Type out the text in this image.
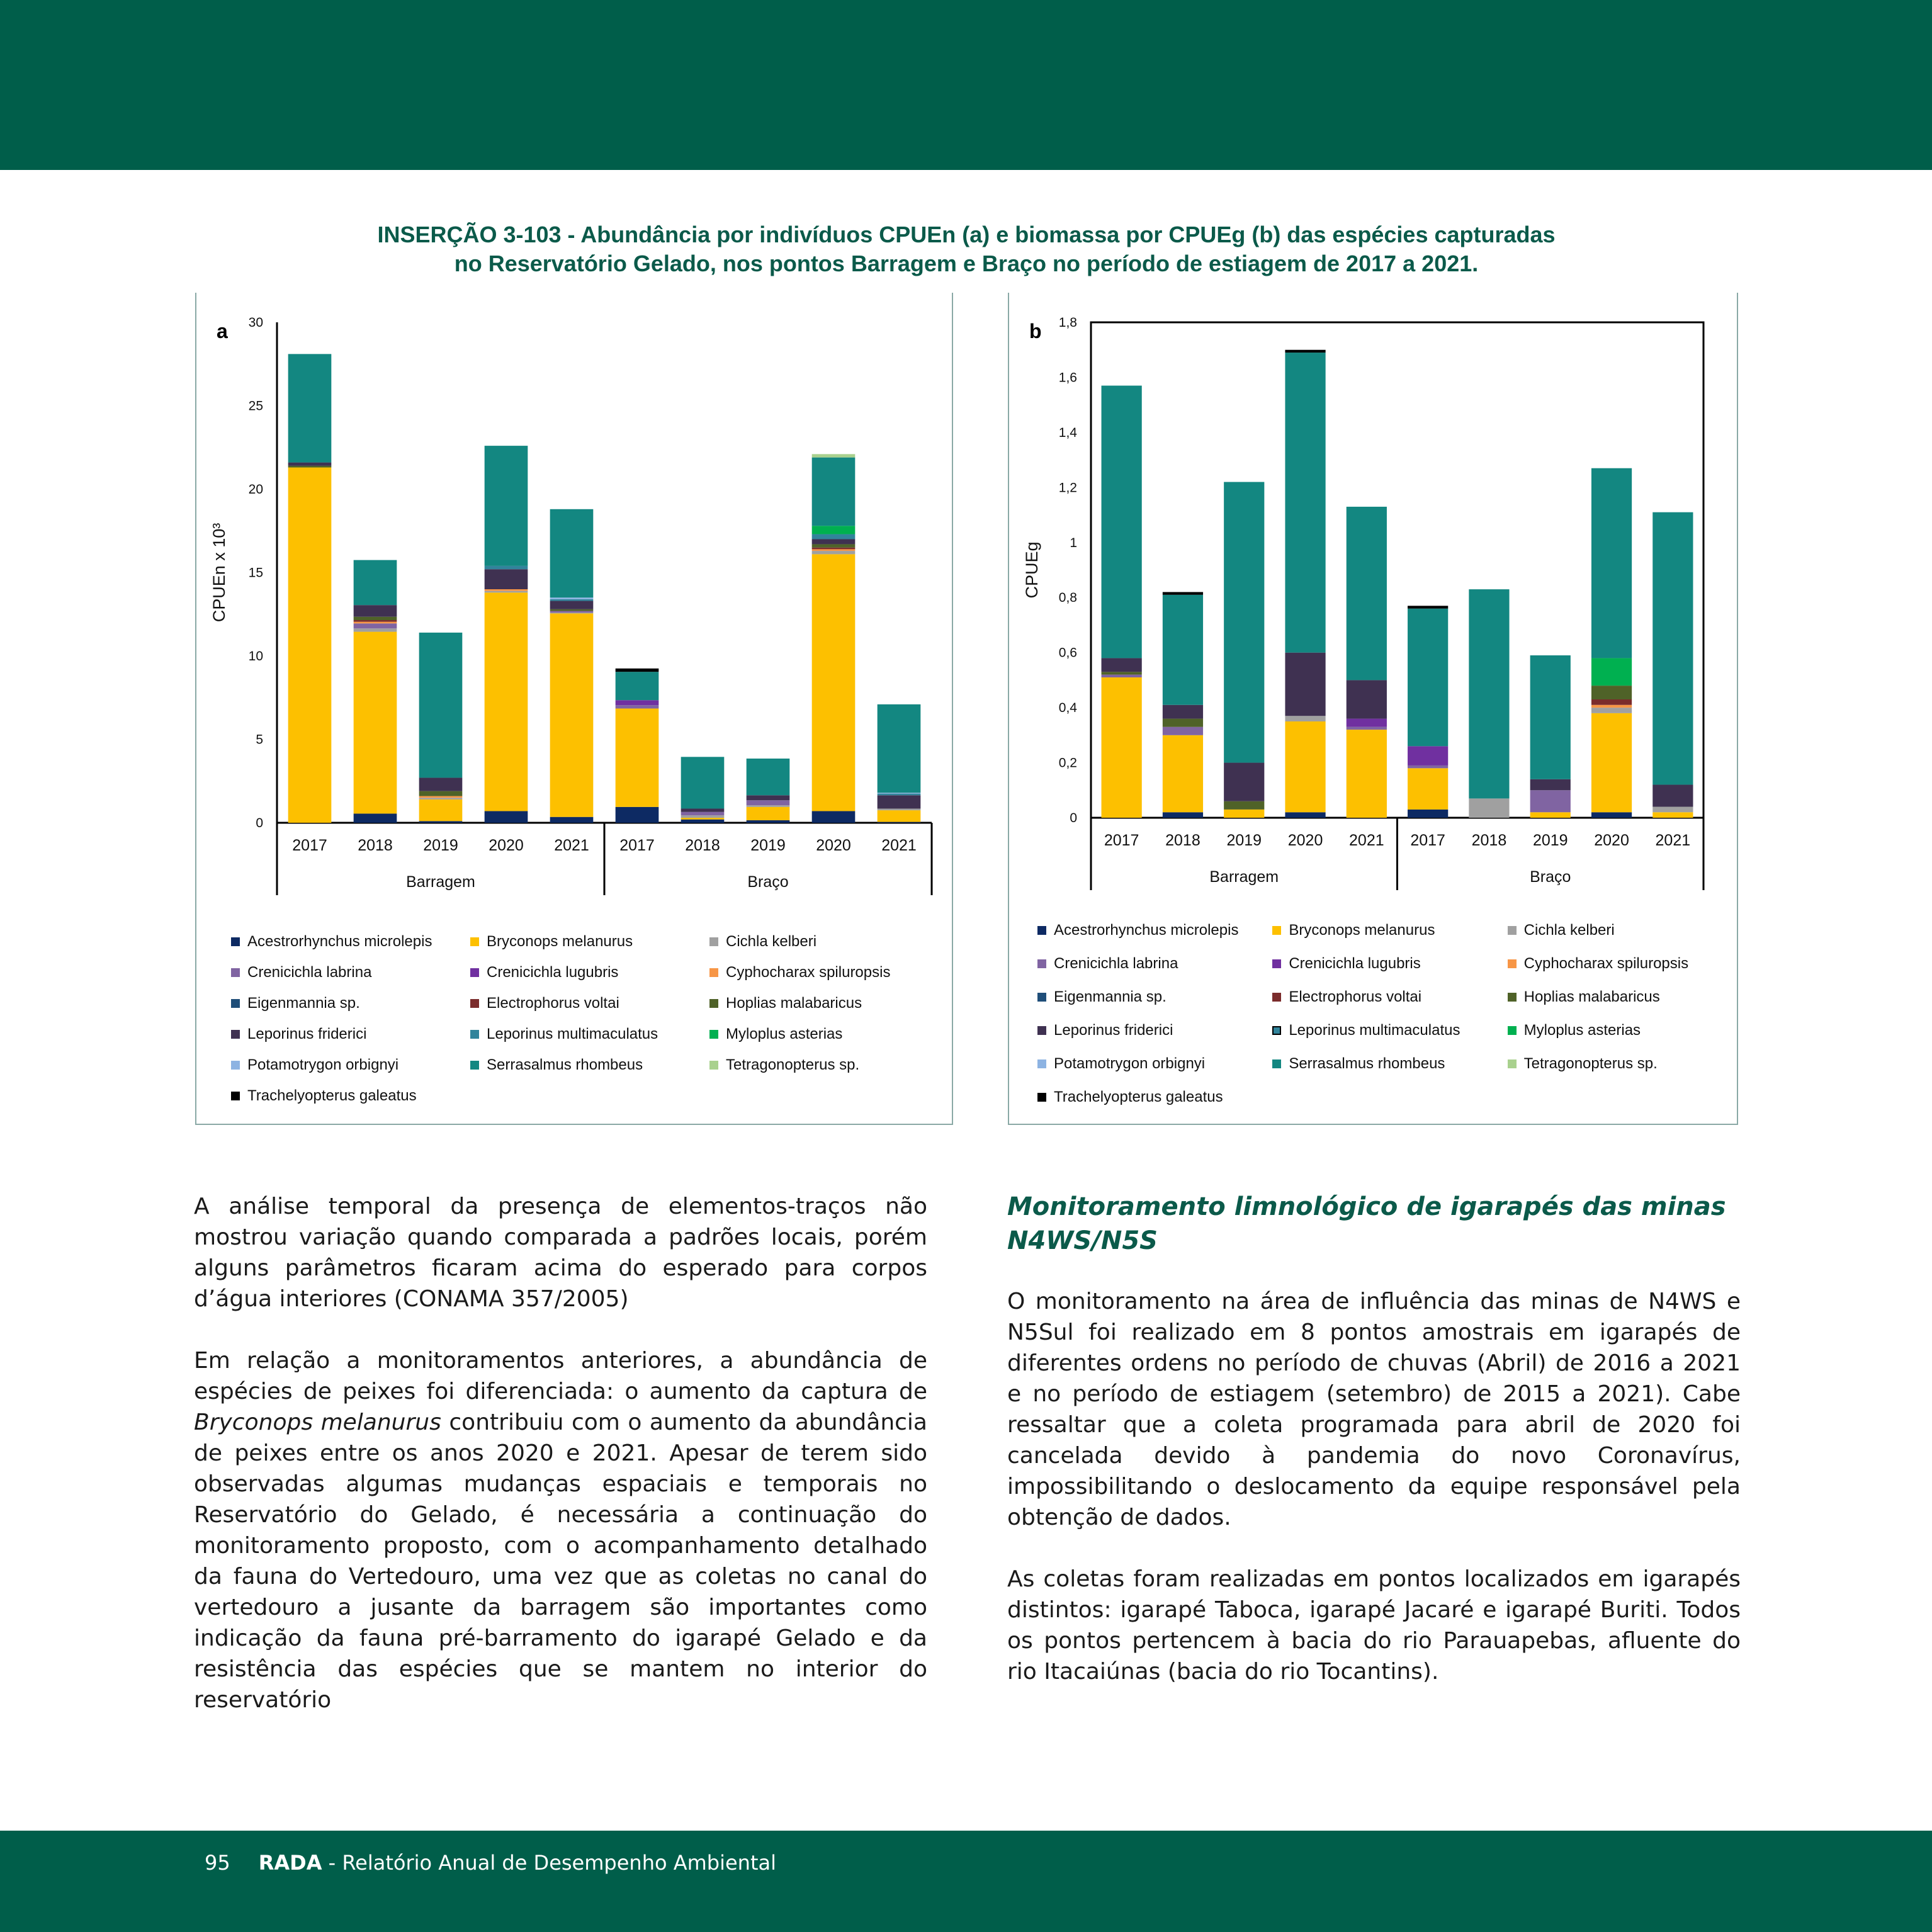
INSERÇÃO 3-103 - Abundância por indivíduos CPUEn (a) e biomassa por CPUEg (b) das espécies capturadas
no Reservatório Gelado, nos pontos Barragem e Braço no período de estiagem de 2017 a 2021.
0
5
10
15
20
25
30
2017 2018 2019 2020 2021 2017 2018 2019 2020 2021
Barragem	Braço
a
CPUEn x 10³
Acestrorhynchus microlepis	Bryconops melanurus	Cichla kelberi
Crenicichla labrina	Crenicichla lugubris	Cyphocharax spiluropsis
Eigenmannia sp.	Electrophorus voltai	Hoplias malabaricus
Leporinus friderici	Leporinus multimaculatus	Myloplus asterias
Potamotrygon orbignyi	Serrasalmus rhombeus	Tetragonopterus sp.
Trachelyopterus galeatus
0
0,2
0,4
0,6
0,8
1
1,2
1,4
1,6
1,8
2017 2018 2019 2020 2021 2017 2018 2019 2020 2021
Barragem	Braço
b
CPUEg
Acestrorhynchus microlepis	Bryconops melanurus	Cichla kelberi
Crenicichla labrina	Crenicichla lugubris	Cyphocharax spiluropsis
Eigenmannia sp.	Electrophorus voltai	Hoplias malabaricus
Leporinus friderici	Leporinus multimaculatus	Myloplus asterias
Potamotrygon orbignyi	Serrasalmus rhombeus	Tetragonopterus sp.
Trachelyopterus galeatus

A análise temporal da presença de elementos-traços não mostrou variação quando comparada a padrões locais, porém alguns parâmetros ficaram acima do esperado para corpos d’água interiores (CONAMA 357/2005)

Em relação a monitoramentos anteriores, a abundância de espécies de peixes foi diferenciada: o aumento da captura de Bryconops melanurus contribuiu com o aumento da abundância de peixes entre os anos 2020 e 2021. Apesar de terem sido observadas algumas mudanças espaciais e temporais no Reservatório do Gelado, é necessária a continuação do monitoramento proposto, com o acompanhamento detalhado da fauna do Vertedouro, uma vez que as coletas no canal do vertedouro a jusante da barragem são importantes como indicação da fauna pré-barramento do igarapé Gelado e da resistência das espécies que se mantem no interior do reservatório

Monitoramento limnológico de igarapés das minas N4WS/N5S

O monitoramento na área de influência das minas de N4WS e N5Sul foi realizado em 8 pontos amostrais em igarapés de diferentes ordens no período de chuvas (Abril) de 2016 a 2021 e no período de estiagem (setembro) de 2015 a 2021). Cabe ressaltar que a coleta programada para abril de 2020 foi cancelada devido à pandemia do novo Coronavírus, impossibilitando o deslocamento da equipe responsável pela obtenção de dados.

As coletas foram realizadas em pontos localizados em igarapés distintos: igarapé Taboca, igarapé Jacaré e igarapé Buriti. Todos os pontos pertencem à bacia do rio Parauapebas, afluente do rio Itacaiúnas (bacia do rio Tocantins).

95 RADA - Relatório Anual de Desempenho Ambiental
